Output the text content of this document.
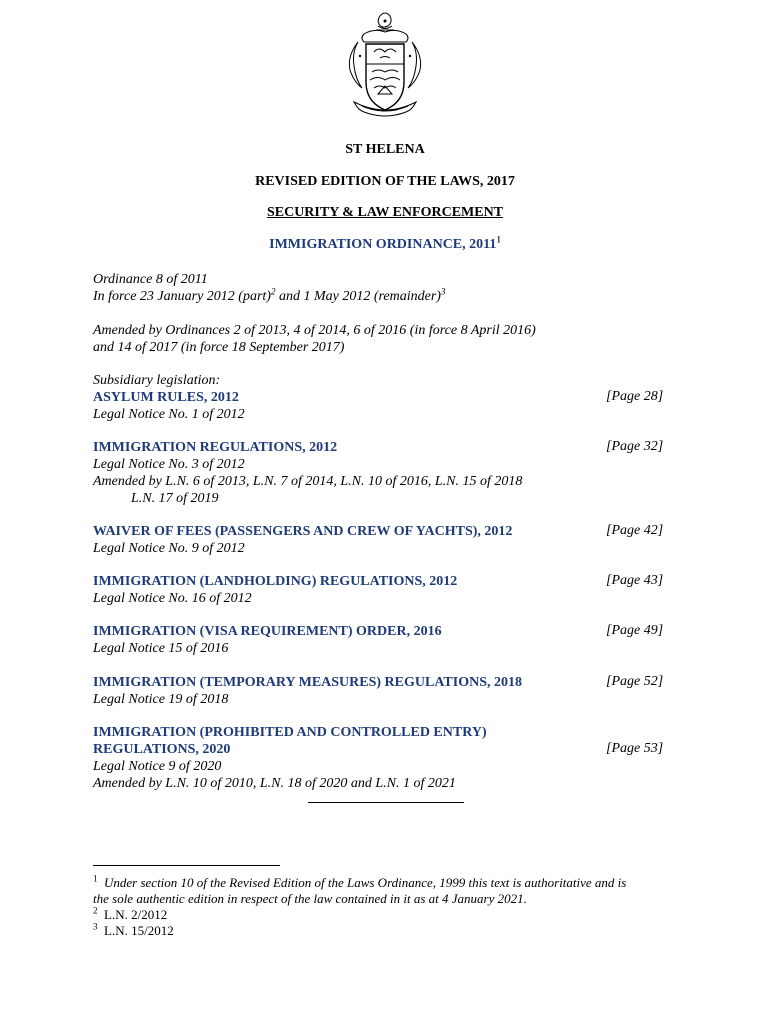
ST HELENA
REVISED EDITION OF THE LAWS, 2017
SECURITY & LAW ENFORCEMENT
IMMIGRATION ORDINANCE, 2011$^1$
Ordinance 8 of 2011
In force 23 January 2012 (part)$^2$ and 1 May 2012 (remainder)$^3$
Amended by Ordinances 2 of 2013, 4 of 2014, 6 of 2016 (in force 8 April 2016)
and 14 of 2017 (in force 18 September 2017)
Subsidiary legislation:
ASYLUM RULES, 2012
Legal Notice No. 1 of 2012
[Page 28]
IMMIGRATION REGULATIONS, 2012
Legal Notice No. 3 of 2012
Amended by L.N. 6 of 2013, L.N. 7 of 2014, L.N. 10 of 2016, L.N. 15 of 2018
L.N. 17 of 2019
[Page 32]
WAIVER OF FEES (PASSENGERS AND CREW OF YACHTS), 2012
Legal Notice No. 9 of 2012
[Page 42]
IMMIGRATION (LANDHOLDING) REGULATIONS, 2012
Legal Notice No. 16 of 2012
[Page 43]
IMMIGRATION (VISA REQUIREMENT) ORDER, 2016
Legal Notice 15 of 2016
[Page 49]
IMMIGRATION (TEMPORARY MEASURES) REGULATIONS, 2018
Legal Notice 19 of 2018
[Page 52]
IMMIGRATION (PROHIBITED AND CONTROLLED ENTRY)
REGULATIONS, 2020
Legal Notice 9 of 2020
Amended by L.N. 10 of 2010, L.N. 18 of 2020 and L.N. 1 of 2021
[Page 53]
$^1$ Under section 10 of the Revised Edition of the Laws Ordinance, 1999 this text is authoritative and is
the sole authentic edition in respect of the law contained in it as at 4 January 2021.
$^2$ L.N. 2/2012
$^3$ L.N. 15/2012
